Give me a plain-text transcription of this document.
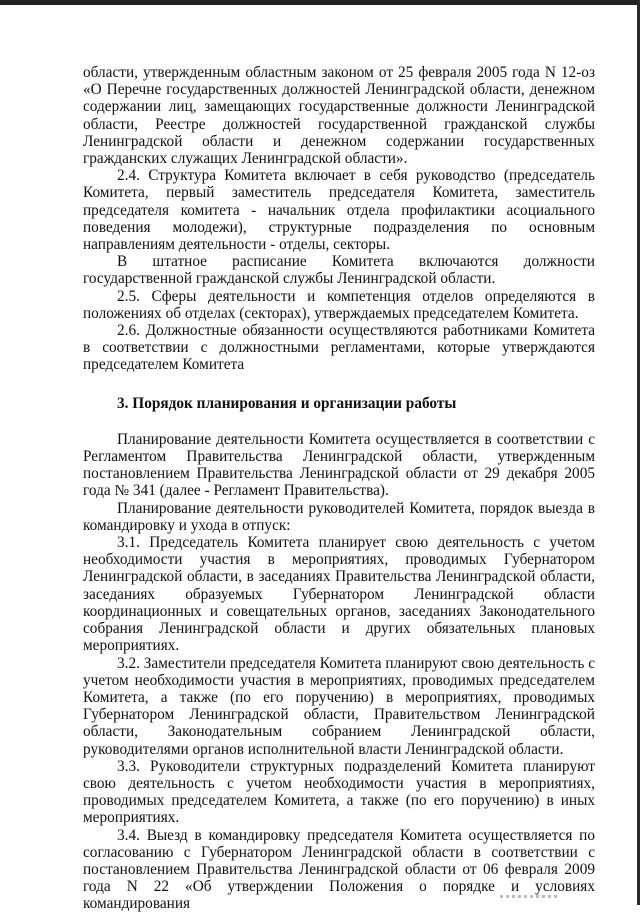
области, утвержденным областным законом от 25 февраля 2005 года N 12-оз «О Перечне государственных должностей Ленинградской области, денежном содержании лиц, замещающих государственные должности Ленинградской области, Реестре должностей государственной гражданской службы Ленинградской области и денежном содержании государственных гражданских служащих Ленинградской области».

2.4. Структура Комитета включает в себя руководство (председатель Комитета, первый заместитель председателя Комитета, заместитель председателя комитета - начальник отдела профилактики асоциального поведения молодежи), структурные подразделения по основным направлениям деятельности - отделы, секторы.

В штатное расписание Комитета включаются должности государственной гражданской службы Ленинградской области.

2.5. Сферы деятельности и компетенция отделов определяются в положениях об отделах (секторах), утверждаемых председателем Комитета.

2.6. Должностные обязанности осуществляются работниками Комитета в соответствии с должностными регламентами, которые утверждаются председателем Комитета

3. Порядок планирования и организации работы

Планирование деятельности Комитета осуществляется в соответствии с Регламентом Правительства Ленинградской области, утвержденным постановлением Правительства Ленинградской области от 29 декабря 2005 года № 341 (далее - Регламент Правительства).

Планирование деятельности руководителей Комитета, порядок выезда в командировку и ухода в отпуск:

3.1. Председатель Комитета планирует свою деятельность с учетом необходимости участия в мероприятиях, проводимых Губернатором Ленинградской области, в заседаниях Правительства Ленинградской области, заседаниях образуемых Губернатором Ленинградской области координационных и совещательных органов, заседаниях Законодательного собрания Ленинградской области и других обязательных плановых мероприятиях.

3.2. Заместители председателя Комитета планируют свою деятельность с учетом необходимости участия в мероприятиях, проводимых председателем Комитета, а также (по его поручению) в мероприятиях, проводимых Губернатором Ленинградской области, Правительством Ленинградской области, Законодательным собранием Ленинградской области, руководителями органов исполнительной власти Ленинградской области.

3.3. Руководители структурных подразделений Комитета планируют свою деятельность с учетом необходимости участия в мероприятиях, проводимых председателем Комитета, а также (по его поручению) в иных мероприятиях.

3.4. Выезд в командировку председателя Комитета осуществляется по согласованию с Губернатором Ленинградской области в соответствии с постановлением Правительства Ленинградской области от 06 февраля 2009 года N 22 «Об утверждении Положения о порядке и условиях командирования
